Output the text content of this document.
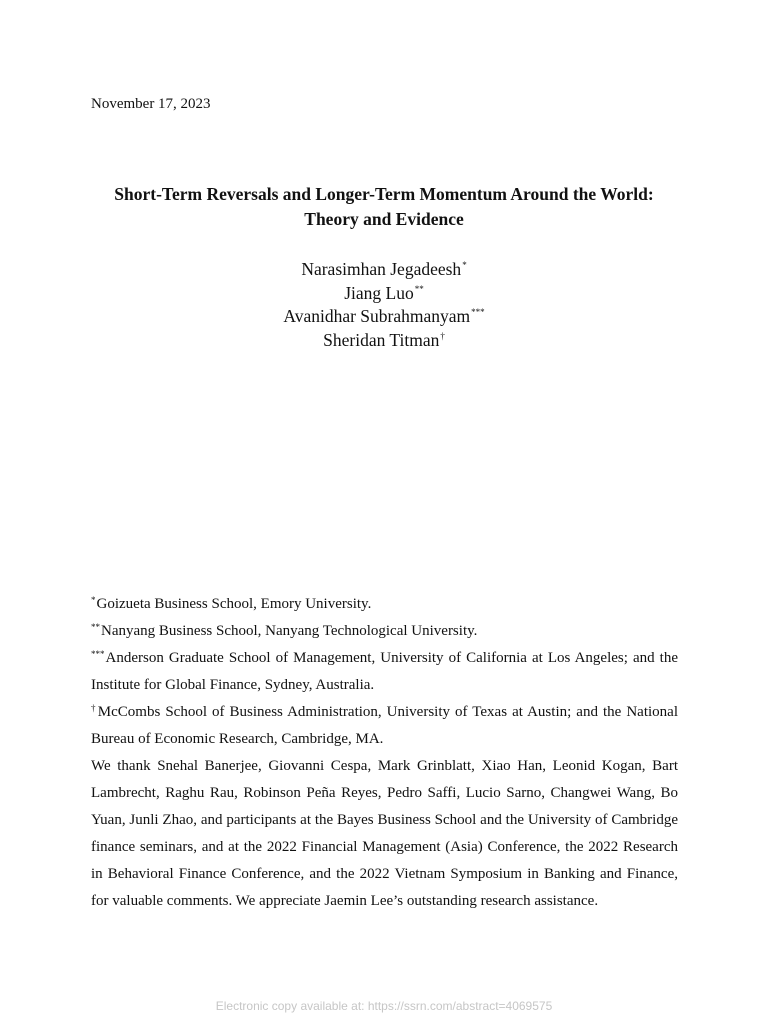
November 17, 2023
Short-Term Reversals and Longer-Term Momentum Around the World:
Theory and Evidence
Narasimhan Jegadeesh*
Jiang Luo**
Avanidhar Subrahmanyam***
Sheridan Titman†

*Goizueta Business School, Emory University.

**Nanyang Business School, Nanyang Technological University.

***Anderson Graduate School of Management, University of California at Los Angeles; and the Institute for Global Finance, Sydney, Australia.

†McCombs School of Business Administration, University of Texas at Austin; and the National Bureau of Economic Research, Cambridge, MA.

We thank Snehal Banerjee, Giovanni Cespa, Mark Grinblatt, Xiao Han, Leonid Kogan, Bart Lambrecht, Raghu Rau, Robinson Peña Reyes, Pedro Saffi, Lucio Sarno, Changwei Wang, Bo Yuan, Junli Zhao, and participants at the Bayes Business School and the University of Cambridge finance seminars, and at the 2022 Financial Management (Asia) Conference, the 2022 Research in Behavioral Finance Conference, and the 2022 Vietnam Symposium in Banking and Finance, for valuable comments. We appreciate Jaemin Lee’s outstanding research assistance.

Electronic copy available at: https://ssrn.com/abstract=4069575
